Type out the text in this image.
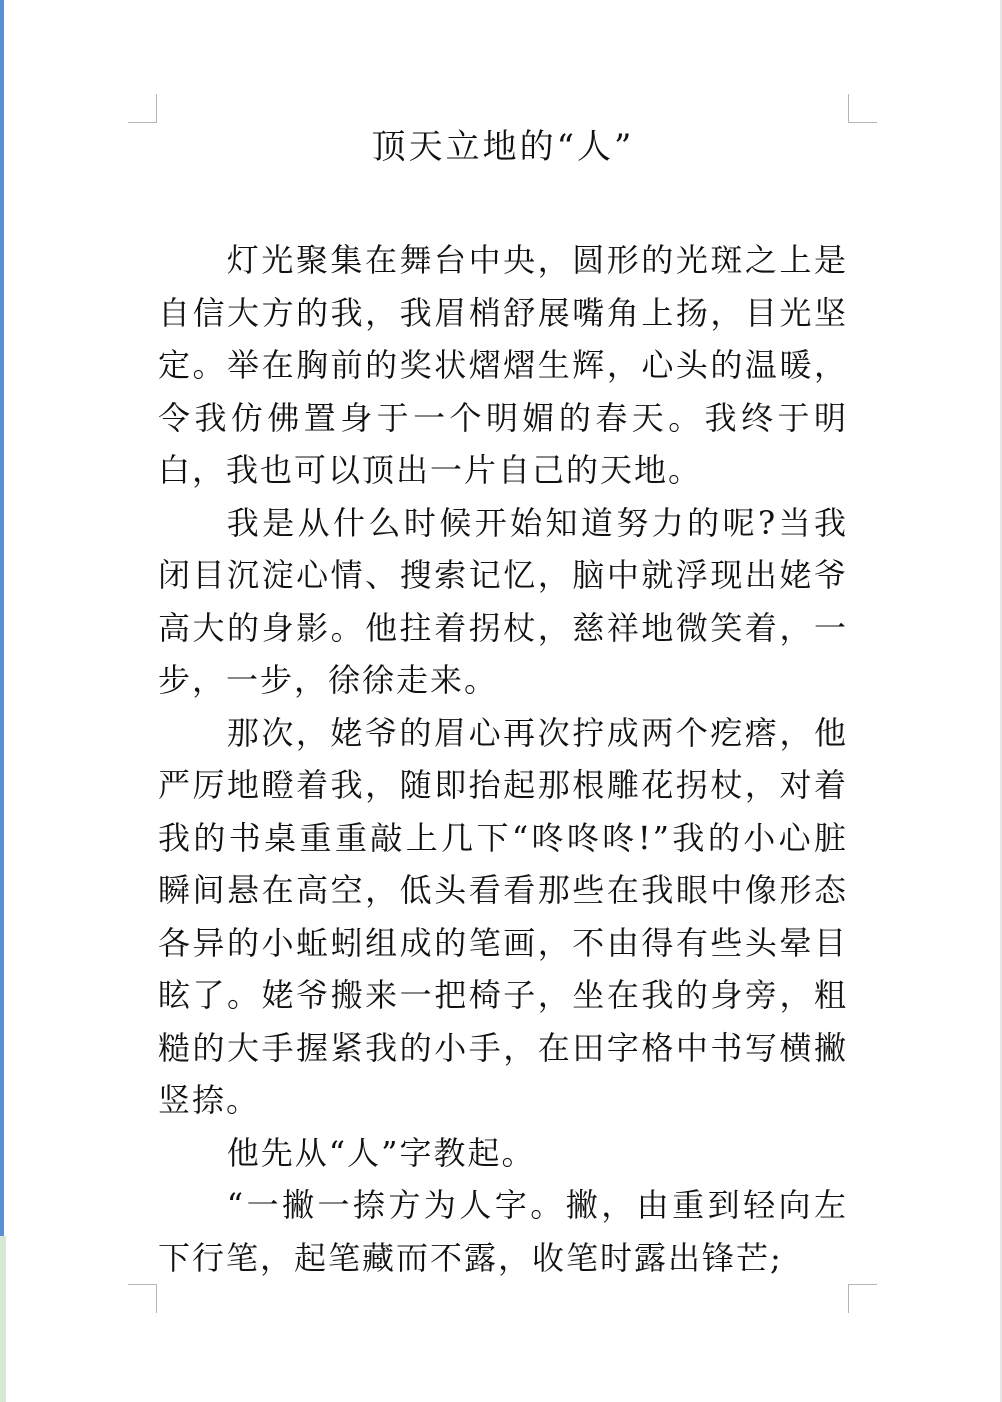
顶天立地的“人”

灯光聚集在舞台中央，圆形的光斑之上是自信大方的我，我眉梢舒展嘴角上扬，目光坚定。举在胸前的奖状熠熠生辉，心头的温暖，令我仿佛置身于一个明媚的春天。我终于明白，我也可以顶出一片自己的天地。

我是从什么时候开始知道努力的呢?当我闭目沉淀心情、搜索记忆，脑中就浮现出姥爷高大的身影。他拄着拐杖，慈祥地微笑着，一步，一步，徐徐走来。

那次，姥爷的眉心再次拧成两个疙瘩，他严厉地瞪着我，随即抬起那根雕花拐杖，对着我的书桌重重敲上几下“咚咚咚!”我的小心脏瞬间悬在高空，低头看看那些在我眼中像形态各异的小蚯蚓组成的笔画，不由得有些头晕目眩了。姥爷搬来一把椅子，坐在我的身旁，粗糙的大手握紧我的小手，在田字格中书写横撇竖捺。

他先从“人”字教起。

“一撇一捺方为人字。撇，由重到轻向左下行笔，起笔藏而不露，收笔时露出锋芒;
